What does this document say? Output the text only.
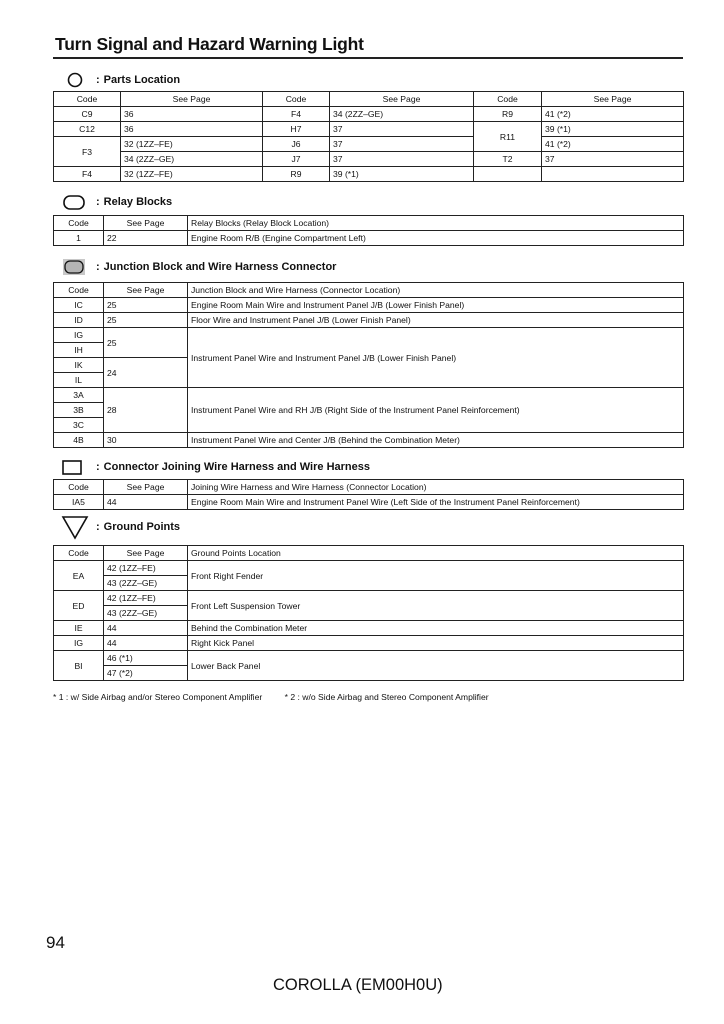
Turn Signal and Hazard Warning Light
: Parts Location
Code	See Page	Code	See Page	Code	See Page
C9	36	F4	34 (2ZZ–GE)	R9	41 (*2)
C12	36	H7	37	R11	39 (*1)
F3	32 (1ZZ–FE)	J6	37		41 (*2)
	34 (2ZZ–GE)	J7	37	T2	37
F4	32 (1ZZ–FE)	R9	39 (*1)		
: Relay Blocks
Code	See Page	Relay Blocks (Relay Block Location)
1	22	Engine Room R/B (Engine Compartment Left)
: Junction Block and Wire Harness Connector
Code	See Page	Junction Block and Wire Harness (Connector Location)
IC	25	Engine Room Main Wire and Instrument Panel J/B (Lower Finish Panel)
ID	25	Floor Wire and Instrument Panel J/B (Lower Finish Panel)
IG	25	Instrument Panel Wire and Instrument Panel J/B (Lower Finish Panel)
IH		
IK	24	
IL		
3A	28	Instrument Panel Wire and RH J/B (Right Side of the Instrument Panel Reinforcement)
3B		
3C		
4B	30	Instrument Panel Wire and Center J/B (Behind the Combination Meter)
: Connector Joining Wire Harness and Wire Harness
Code	See Page	Joining Wire Harness and Wire Harness (Connector Location)
IA5	44	Engine Room Main Wire and Instrument Panel Wire (Left Side of the Instrument Panel Reinforcement)
: Ground Points
Code	See Page	Ground Points Location
EA	42 (1ZZ–FE)	Front Right Fender
	43 (2ZZ–GE)	
ED	42 (1ZZ–FE)	Front Left Suspension Tower
	43 (2ZZ–GE)	
IE	44	Behind the Combination Meter
IG	44	Right Kick Panel
BI	46 (*1)	Lower Back Panel
	47 (*2)	
* 1 : w/ Side Airbag and/or Stereo Component Amplifier	* 2 : w/o Side Airbag and Stereo Component Amplifier
94
COROLLA (EM00H0U)
